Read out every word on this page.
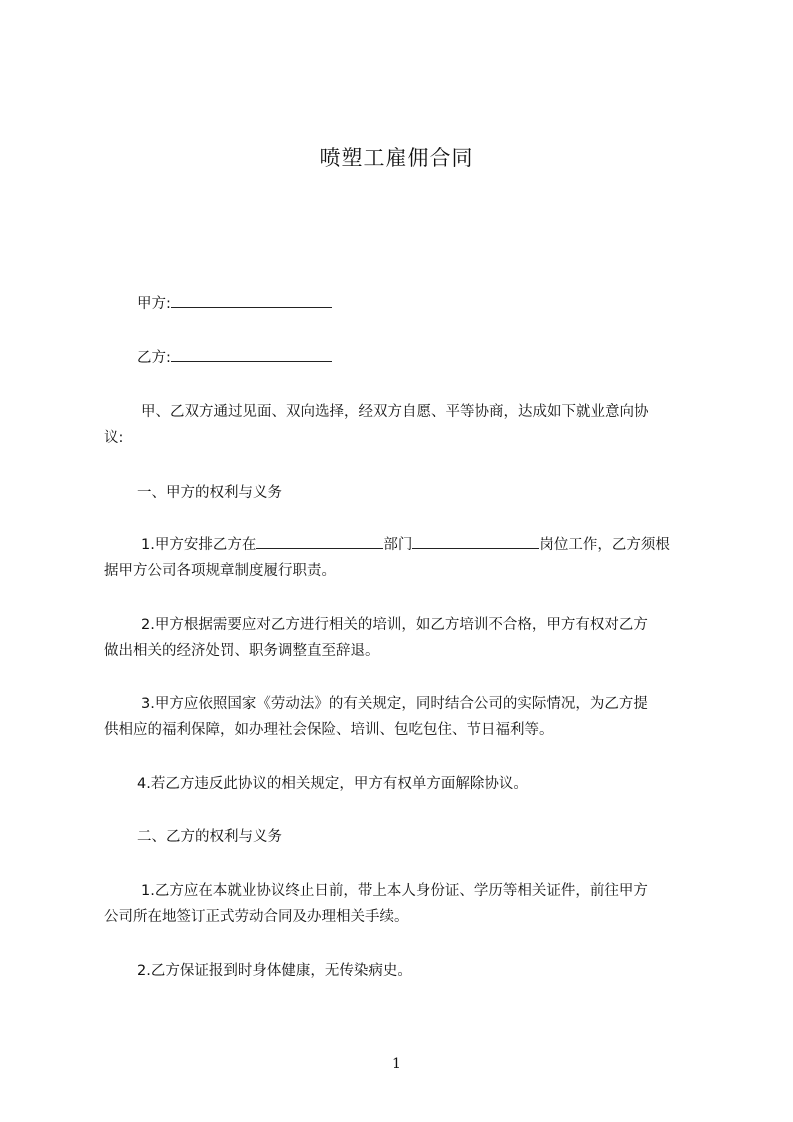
喷塑工雇佣合同
甲方:
乙方:
甲、乙双方通过见面、双向选择，经双方自愿、平等协商，达成如下就业意向协
议:
一、甲方的权利与义务
1.甲方安排乙方在	部门	岗位工作，乙方须根
据甲方公司各项规章制度履行职责。
2.甲方根据需要应对乙方进行相关的培训，如乙方培训不合格，甲方有权对乙方
做出相关的经济处罚、职务调整直至辞退。
3.甲方应依照国家《劳动法》的有关规定，同时结合公司的实际情况，为乙方提
供相应的福利保障，如办理社会保险、培训、包吃包住、节日福利等。
4.若乙方违反此协议的相关规定，甲方有权单方面解除协议。
二、乙方的权利与义务
1.乙方应在本就业协议终止日前，带上本人身份证、学历等相关证件，前往甲方
公司所在地签订正式劳动合同及办理相关手续。
2.乙方保证报到时身体健康，无传染病史。
1
